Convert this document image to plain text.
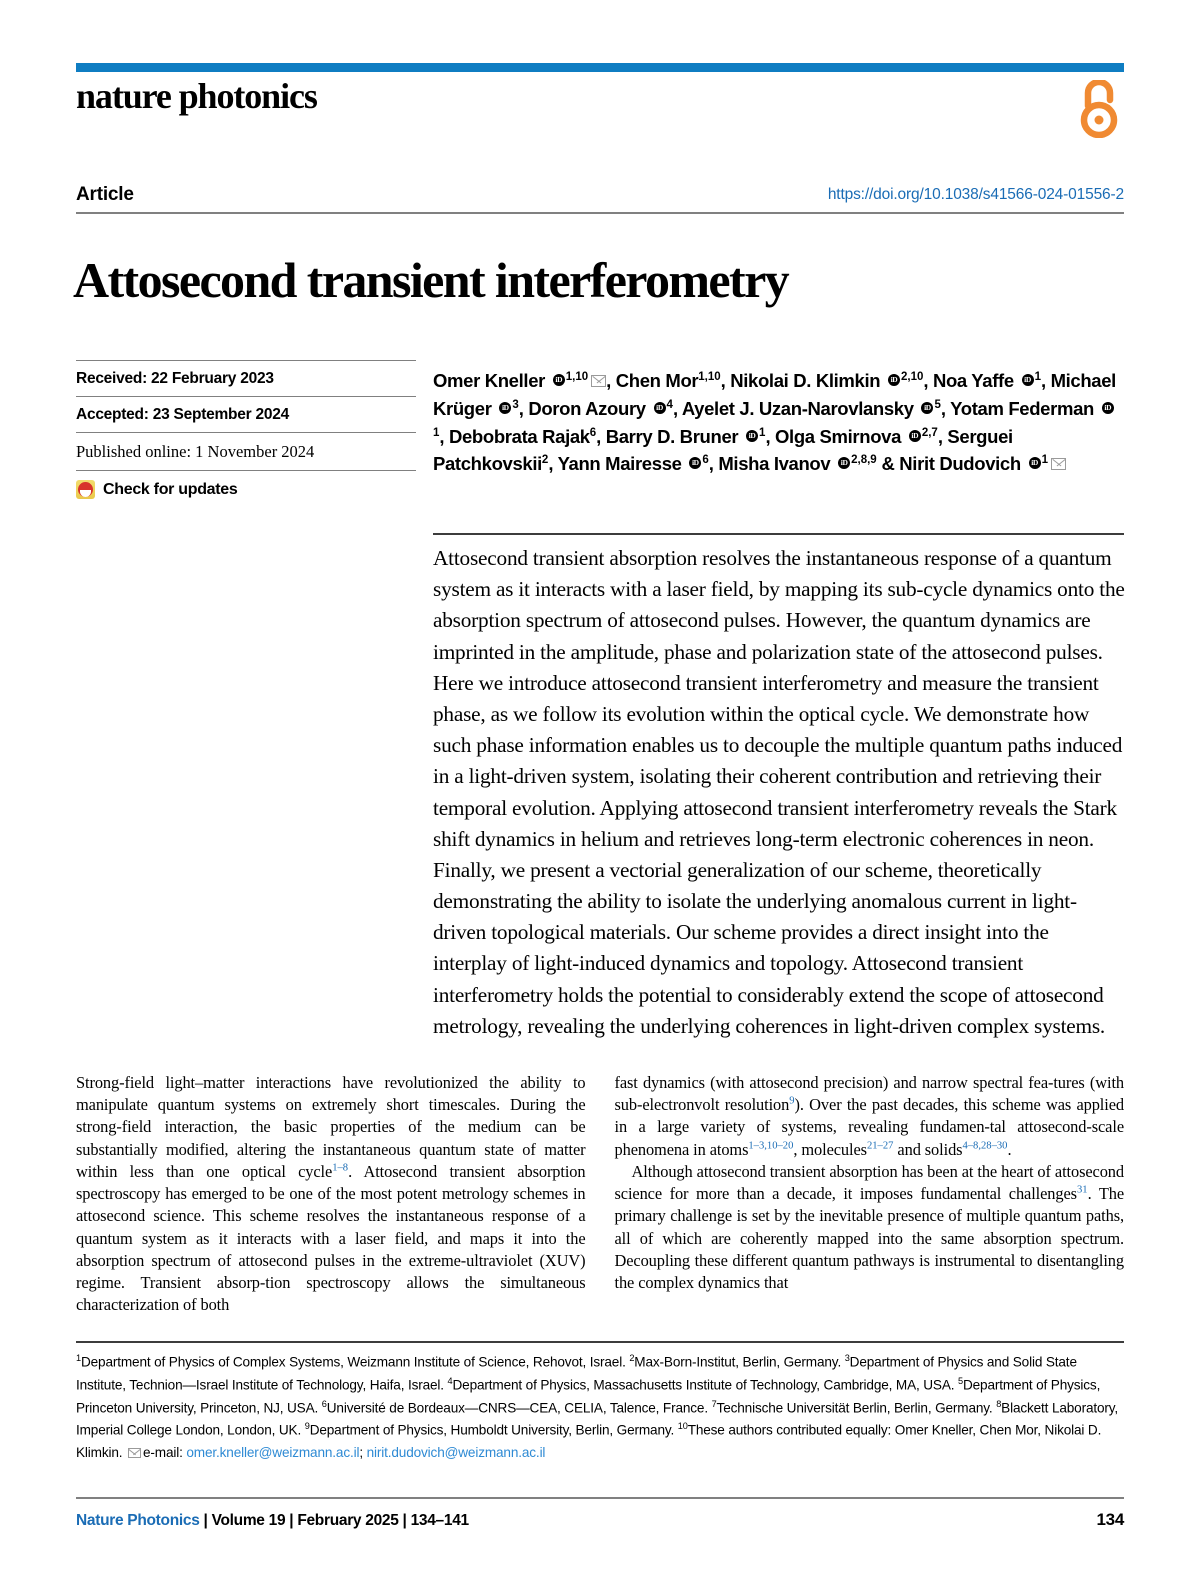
nature photonics
Article	https://doi.org/10.1038/s41566-024-01556-2
Attosecond transient interferometry
Received: 22 February 2023
Accepted: 23 September 2024
Published online: 1 November 2024
Check for updates
Omer Kneller iD$^{1,10}$ , Chen Mor$^{1,10}$, Nikolai D. Klimkin iD$^{2,10}$, Noa Yaffe $iD^1$, Michael Krüger $iD^3$, Doron Azoury $iD^4$, Ayelet J. Uzan-Narovlansky $iD^5$, Yotam Federman $iD^1$, Debobrata Rajak$^6$, Barry D. Bruner $iD^1$, Olga Smirnova iD$^{2,7}$, Serguei Patchkovskii$^2$, Yann Mairesse $iD^6$, Misha Ivanov iD$^{2,8,9}$ & Nirit Dudovich $iD^1$
Attosecond transient absorption resolves the instantaneous response of a quantum system as it interacts with a laser field, by mapping its sub-cycle dynamics onto the absorption spectrum of attosecond pulses. However, the quantum dynamics are imprinted in the amplitude, phase and polarization state of the attosecond pulses. Here we introduce attosecond transient interferometry and measure the transient phase, as we follow its evolution within the optical cycle. We demonstrate how such phase information enables us to decouple the multiple quantum paths induced in a light-driven system, isolating their coherent contribution and retrieving their temporal evolution. Applying attosecond transient interferometry reveals the Stark shift dynamics in helium and retrieves long-term electronic coherences in neon. Finally, we present a vectorial generalization of our scheme, theoretically demonstrating the ability to isolate the underlying anomalous current in light-driven topological materials. Our scheme provides a direct insight into the interplay of light-induced dynamics and topology. Attosecond transient interferometry holds the potential to considerably extend the scope of attosecond metrology, revealing the underlying coherences in light-driven complex systems.

Strong-field light–matter interactions have revolutionized the ability to manipulate quantum systems on extremely short timescales. During the strong-field interaction, the basic properties of the medium can be substantially modified, altering the instantaneous quantum state of matter within less than one optical cycle$^{1-8}$. Attosecond transient absorption spectroscopy has emerged to be one of the most potent metrology schemes in attosecond science. This scheme resolves the instantaneous response of a quantum system as it interacts with a laser field, and maps it into the absorption spectrum of attosecond pulses in the extreme-ultraviolet (XUV) regime. Transient absorp-tion spectroscopy allows the simultaneous characterization of both

fast dynamics (with attosecond precision) and narrow spectral fea-tures (with sub-electronvolt resolution$^9$). Over the past decades, this scheme was applied in a large variety of systems, revealing fundamen-tal attosecond-scale phenomena in atoms$^{1-3,10-20}$, molecules$^{21-27}$ and solids$^{4-8,28-30}$.

Although attosecond transient absorption has been at the heart of attosecond science for more than a decade, it imposes fundamental challenges$^{31}$. The primary challenge is set by the inevitable presence of multiple quantum paths, all of which are coherently mapped into the same absorption spectrum. Decoupling these different quantum pathways is instrumental to disentangling the complex dynamics that

$^1$Department of Physics of Complex Systems, Weizmann Institute of Science, Rehovot, Israel. $^2$Max-Born-Institut, Berlin, Germany. $^3$Department of Physics and Solid State Institute, Technion—Israel Institute of Technology, Haifa, Israel. $^4$Department of Physics, Massachusetts Institute of Technology, Cambridge, MA, USA. $^5$Department of Physics, Princeton University, Princeton, NJ, USA. $^6$Université de Bordeaux—CNRS—CEA, CELIA, Talence, France. $^7$Technische Universität Berlin, Berlin, Germany. $^8$Blackett Laboratory, Imperial College London, London, UK. $^9$Department of Physics, Humboldt University, Berlin, Germany. $^{10}$These authors contributed equally: Omer Kneller, Chen Mor, Nikolai D. Klimkin. e-mail: omer.kneller@weizmann.ac.il; nirit.dudovich@weizmann.ac.il
Nature Photonics | Volume 19 | February 2025 | 134–141	134
